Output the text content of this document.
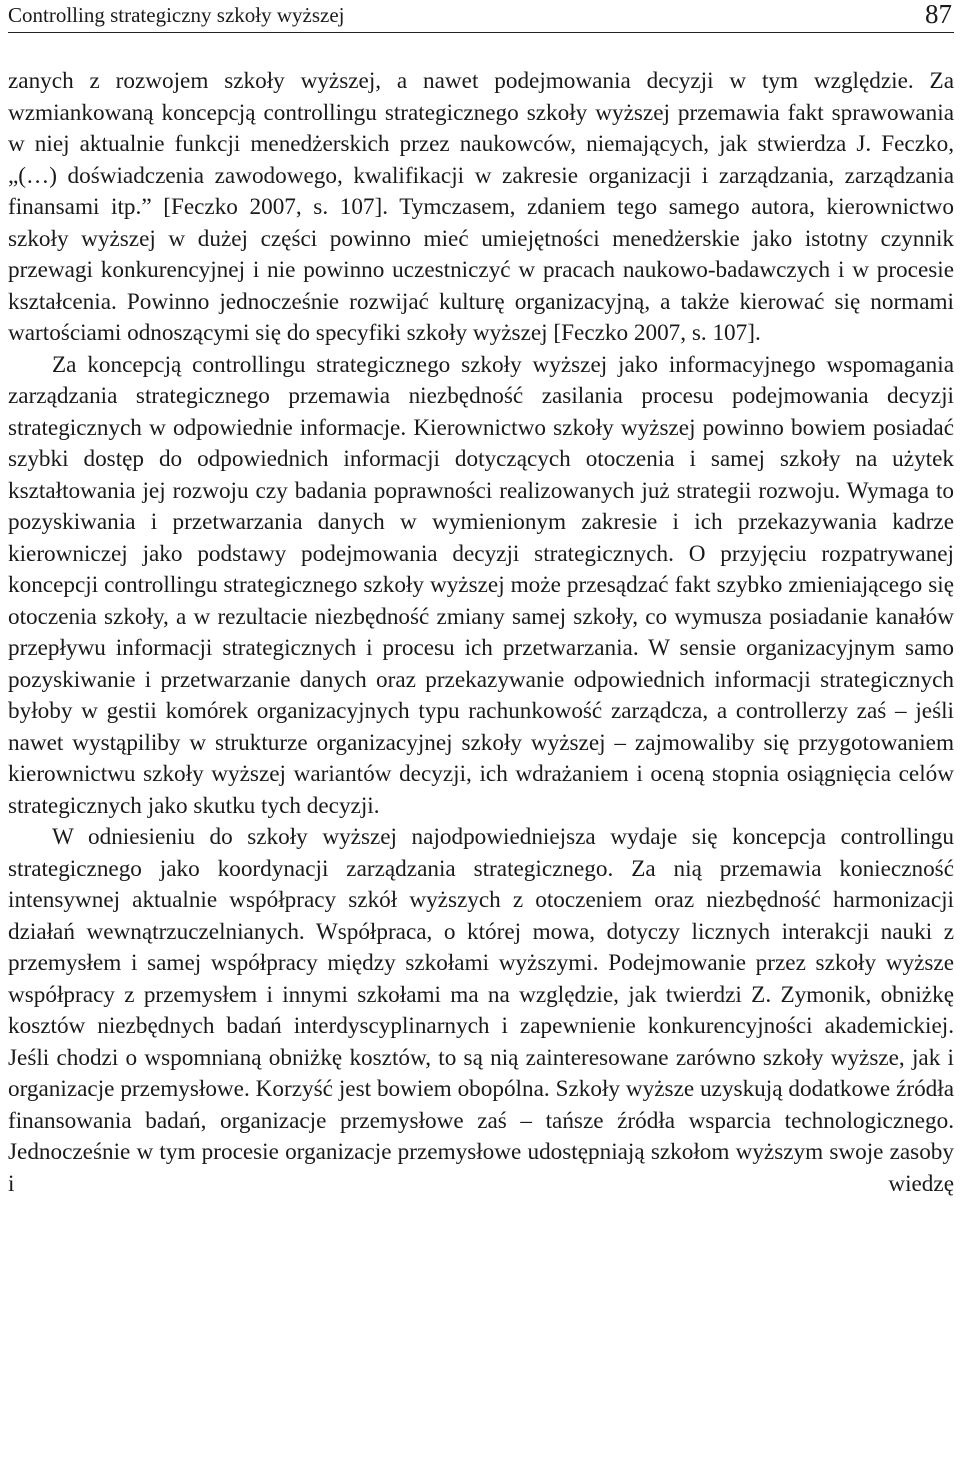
Controlling strategiczny szkoły wyższej	87

zanych z rozwojem szkoły wyższej, a nawet podejmowania decyzji w tym względzie. Za wzmiankowaną koncepcją controllingu strategicznego szkoły wyższej przemawia fakt sprawowania w niej aktualnie funkcji menedżerskich przez naukowców, niemających, jak stwierdza J. Feczko, „(…) doświadczenia zawodowego, kwalifikacji w zakresie organizacji i zarządzania, zarządzania finansami itp.” [Feczko 2007, s. 107]. Tymczasem, zdaniem tego samego autora, kierownictwo szkoły wyższej w dużej części powinno mieć umiejętności menedżerskie jako istotny czynnik przewagi konkurencyjnej i nie powinno uczestniczyć w pracach naukowo-badawczych i w procesie kształcenia. Powinno jednocześnie rozwijać kulturę organizacyjną, a także kierować się normami wartościami odnoszącymi się do specyfiki szkoły wyższej [Feczko 2007, s. 107].

Za koncepcją controllingu strategicznego szkoły wyższej jako informacyjnego wspomagania zarządzania strategicznego przemawia niezbędność zasilania procesu podejmowania decyzji strategicznych w odpowiednie informacje. Kierownictwo szkoły wyższej powinno bowiem posiadać szybki dostęp do odpowiednich informacji dotyczących otoczenia i samej szkoły na użytek kształtowania jej rozwoju czy badania poprawności realizowanych już strategii rozwoju. Wymaga to pozyskiwania i przetwarzania danych w wymienionym zakresie i ich przekazywania kadrze kierowniczej jako podstawy podejmowania decyzji strategicznych. O przyjęciu rozpatrywanej koncepcji controllingu strategicznego szkoły wyższej może przesądzać fakt szybko zmieniającego się otoczenia szkoły, a w rezultacie niezbędność zmiany samej szkoły, co wymusza posiadanie kanałów przepływu informacji strategicznych i procesu ich przetwarzania. W sensie organizacyjnym samo pozyskiwanie i przetwarzanie danych oraz przekazywanie odpowiednich informacji strategicznych byłoby w gestii komórek organizacyjnych typu rachunkowość zarządcza, a controllerzy zaś – jeśli nawet wystąpiliby w strukturze organizacyjnej szkoły wyższej – zajmowaliby się przygotowaniem kierownictwu szkoły wyższej wariantów decyzji, ich wdrażaniem i oceną stopnia osiągnięcia celów strategicznych jako skutku tych decyzji.

W odniesieniu do szkoły wyższej najodpowiedniejsza wydaje się koncepcja controllingu strategicznego jako koordynacji zarządzania strategicznego. Za nią przemawia konieczność intensywnej aktualnie współpracy szkół wyższych z otoczeniem oraz niezbędność harmonizacji działań wewnątrzuczelnianych. Współpraca, o której mowa, dotyczy licznych interakcji nauki z przemysłem i samej współpracy między szkołami wyższymi. Podejmowanie przez szkoły wyższe współpracy z przemysłem i innymi szkołami ma na względzie, jak twierdzi Z. Zymonik, obniżkę kosztów niezbędnych badań interdyscyplinarnych i zapewnienie konkurencyjności akademickiej. Jeśli chodzi o wspomnianą obniżkę kosztów, to są nią zainteresowane zarówno szkoły wyższe, jak i organizacje przemysłowe. Korzyść jest bowiem obopólna. Szkoły wyższe uzyskują dodatkowe źródła finansowania badań, organizacje przemysłowe zaś – tańsze źródła wsparcia technologicznego. Jednocześnie w tym procesie organizacje przemysłowe udostępniają szkołom wyższym swoje zasoby i wiedzę
